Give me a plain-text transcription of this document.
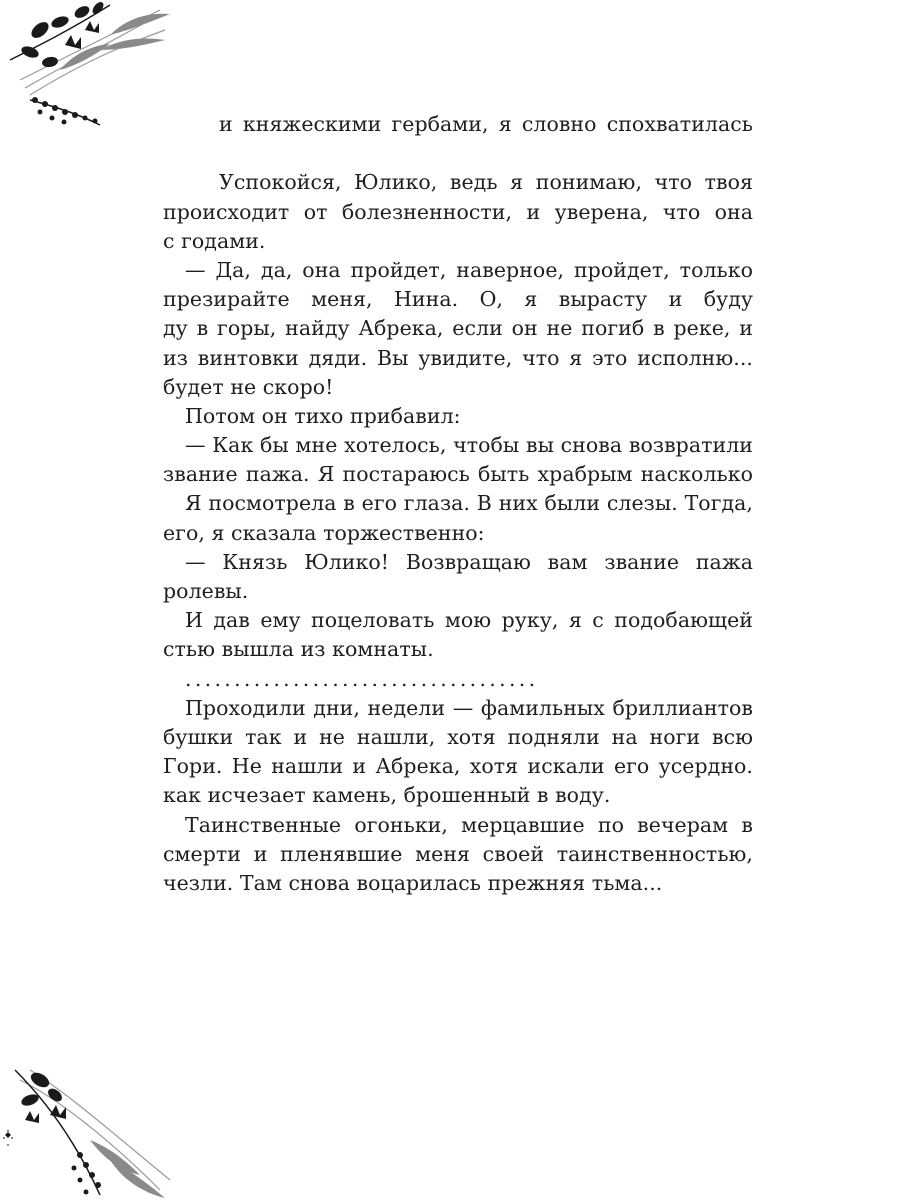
и княжескими гербами, я словно спохватилась
Успокойся, Юлико, ведь я понимаю, что твоя
происходит от болезненности, и уверена, что она
с годами.
— Да, да, она пройдет, наверное, пройдет, только
презирайте меня, Нина. О, я вырасту и буду
ду в горы, найду Абрека, если он не погиб в реке, и
из винтовки дяди. Вы увидите, что я это исполню...
будет не скоро!
Потом он тихо прибавил:
— Как бы мне хотелось, чтобы вы снова возвратили
звание пажа. Я постараюсь быть храбрым насколько
Я посмотрела в его глаза. В них были слезы. Тогда,
его, я сказала торжественно:
— Князь Юлико! Возвращаю вам звание пажа
ролевы.
И дав ему поцеловать мою руку, я с подобающей
стью вышла из комнаты.
....................................
Проходили дни, недели — фамильных бриллиантов
бушки так и не нашли, хотя подняли на ноги всю
Гори. Не нашли и Абрека, хотя искали его усердно.
как исчезает камень, брошенный в воду.
Таинственные огоньки, мерцавшие по вечерам в
смерти и пленявшие меня своей таинственностью,
чезли. Там снова воцарилась прежняя тьма...
